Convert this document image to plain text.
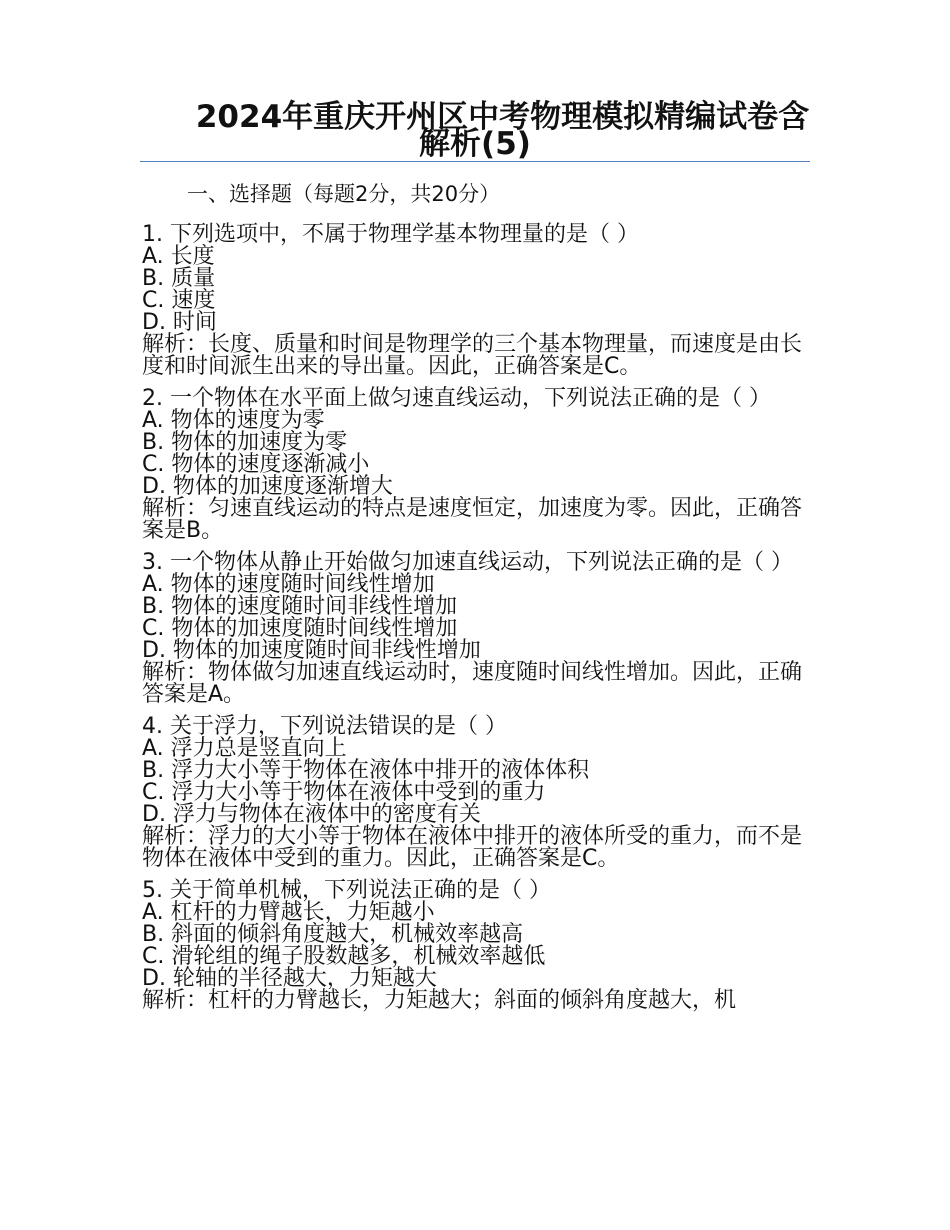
2024年重庆开州区中考物理模拟精编试卷含解析(5)
一、选择题（每题2分，共20分）
1. 下列选项中，不属于物理学基本物理量的是（ ）
A. 长度
B. 质量
C. 速度
D. 时间
解析：长度、质量和时间是物理学的三个基本物理量，而速度是由长度和时间派生出来的导出量。因此，正确答案是C。
2. 一个物体在水平面上做匀速直线运动，下列说法正确的是（ ）
A. 物体的速度为零
B. 物体的加速度为零
C. 物体的速度逐渐减小
D. 物体的加速度逐渐增大
解析：匀速直线运动的特点是速度恒定，加速度为零。因此，正确答案是B。
3. 一个物体从静止开始做匀加速直线运动，下列说法正确的是（ ）
A. 物体的速度随时间线性增加
B. 物体的速度随时间非线性增加
C. 物体的加速度随时间线性增加
D. 物体的加速度随时间非线性增加
解析：物体做匀加速直线运动时，速度随时间线性增加。因此，正确答案是A。
4. 关于浮力，下列说法错误的是（ ）
A. 浮力总是竖直向上
B. 浮力大小等于物体在液体中排开的液体体积
C. 浮力大小等于物体在液体中受到的重力
D. 浮力与物体在液体中的密度有关
解析：浮力的大小等于物体在液体中排开的液体所受的重力，而不是物体在液体中受到的重力。因此，正确答案是C。
5. 关于简单机械，下列说法正确的是（ ）
A. 杠杆的力臂越长，力矩越小
B. 斜面的倾斜角度越大，机械效率越高
C. 滑轮组的绳子股数越多，机械效率越低
D. 轮轴的半径越大，力矩越大
解析：杠杆的力臂越长，力矩越大；斜面的倾斜角度越大，机
